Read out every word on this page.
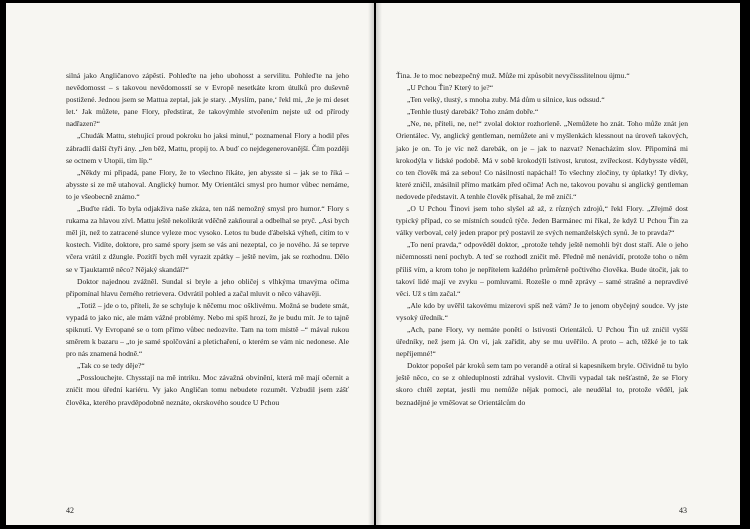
silná jako Angličanovo zápěstí. Pohleďte na jeho ubohosst a servilitu. Pohleďte na jeho nevědomosst – s takovou nevědomosstí se v Evropě nesetkáte krom útulků pro duševně postižené. Jednou jsem se Mattua zeptal, jak je stary. ‚Myslím, pane,‘ řekl mi, ‚že je mi deset let.‘ Jak můžete, pane Flory, předstírat, že takovýmhle stvořením nejste už od přírody nadřazen?“

„Chudák Mattu, stehující proud pokroku ho jaksi minul,“ poznamenal Flory a hodil přes zábradlí další čtyři ány. „Jen běž, Mattu, propij to. A buď co nejdegenerovanější. Čím později se octnem v Utopii, tím líp.“

„Někdy mi připadá, pane Flory, že to všechno říkáte, jen abysste si – jak se to říká – abysste si ze mě utahoval. Anglický humor. My Orientálci smysl pro humor vůbec nemáme, to je všeobecně známo.“

„Buďte rádi. To byla odjakživa naše zkáza, ten náš nemožný smysl pro humor.“ Flory s rukama za hlavou zívl. Mattu ještě nekolikrát vděčně zakňoural a odbelhal se pryč. „Asi bych měl jít, než to zatracené slunce vyleze moc vysoko. Letos tu bude ďábelská výheň, cítím to v kostech. Vidíte, doktore, pro samé spory jsem se vás ani nezeptal, co je nového. Já se teprve včera vrátil z džungle. Pozítří bych měl vyrazit zpátky – ještě nevím, jak se rozhodnu. Dělo se v Tjauktamtě něco? Nějaký skandál?“

Doktor najednou zvážněl. Sundal si bryle a jeho obličej s vlhkýma tmavýma očima připomínal hlavu černého retrievera. Odvrátil pohled a začal mluvit o něco váhavěji.

„Totiž – jde o to, příteli, že se schyluje k něčemu moc ošklivému. Možná se budete smát, vypadá to jako nic, ale mám vážné problémy. Nebo mi spíš hrozí, že je budu mít. Je to tajně spiknutí. Vy Evropané se o tom přímo vůbec nedozvíte. Tam na tom místtě –“ mával rukou směrem k bazaru – „to je samé spolčování a pletichaření, o kterém se vám nic nedonese. Ale pro nás znamená hodně.“

„Tak co se tedy děje?“

„Posslouchejte. Chysstají na mě intriku. Moc závažná obvinění, která mě mají očernit a zničit mou úřední kariéru. Vy jako Angličan tomu nebudete rozumět. Vzbudil jsem zášť člověka, kterého pravděpodobně neznáte, okrskového soudce U Pchou

42

Ťina. Je to moc nebezpečný muž. Může mi způsobit nevyčíssslitelnou újmu.“

„U Pchou Ťin? Který to je?“

„Ten velký, tlustý, s mnoha zuby. Má dům u silnice, kus odssud.“

„Tenhle tlustý darebák? Toho znám dobře.“

„Ne, ne, příteli, ne, ne!“ zvolal doktor rozhorleně. „Nemůžete ho znát. Toho může znát jen Orientálec. Vy, anglický gentleman, nemůžete ani v myšlenkách klessnout na úroveň takových, jako je on. To je víc než darebák, on je – jak to nazvat? Nenacházím slov. Připomíná mi krokodýla v lidské podobě. Má v sobě krokodýlí lstivost, krutost, zvířeckost. Kdybysste věděl, co ten člověk má za sebou! Co násilností napáchal! To všechny zločiny, ty úplatky! Ty dívky, které zničil, znásilnil přímo matkám před očima! Ach ne, takovou povahu si anglický gentleman nedovede představit. A tenhle člověk přísahal, že mě zničí.“

„O U Pchou Ťinovi jsem toho slyšel až až, z různých zdrojů,“ řekl Flory. „Zřejmě dost typický případ, co se místních soudců týče. Jeden Barmánec mi říkal, že když U Pchou Ťin za války verboval, celý jeden prapor prý postavil ze svých nemanželských synů. Je to pravda?“

„To není pravda,“ odpověděl doktor, „protože tehdy ještě nemohli být dost staří. Ale o jeho ničemnossti není pochyb. A teď se rozhodl zničit mě. Předně mě nenávidí, protože toho o něm příliš vím, a krom toho je nepřítelem každého průměrně počtivého člověka. Bude útočit, jak to takoví lidé mají ve zvyku – pomluvami. Rozešle o mně zprávy – samé strašné a nepravdivé věci. Už s tím začal.“

„Ale kdo by uvěřil takovému mizerovi spíš než vám? Je to jenom obyčejný soudce. Vy jste vysoký úředník.“

„Ach, pane Flory, vy nemáte ponětí o lstivosti Orientálců. U Pchou Ťin už zničil vyšší úředníky, než jsem já. On ví, jak zařídit, aby se mu uvěřilo. A proto – ach, těžké je to tak nepříjemné!“

Doktor popošel pár kroků sem tam po verandě a otíral si kapesníkem bryle. Očividně tu bylo ještě něco, co se z ohleduplnosti zdráhal vyslovit. Chvíli vypadal tak nešťastně, že se Flory skoro chtěl zeptat, jestli mu nemůže nějak pomoci, ale neudělal to, protože věděl, jak beznadějné je vměšovat se Orientálcům do

43
